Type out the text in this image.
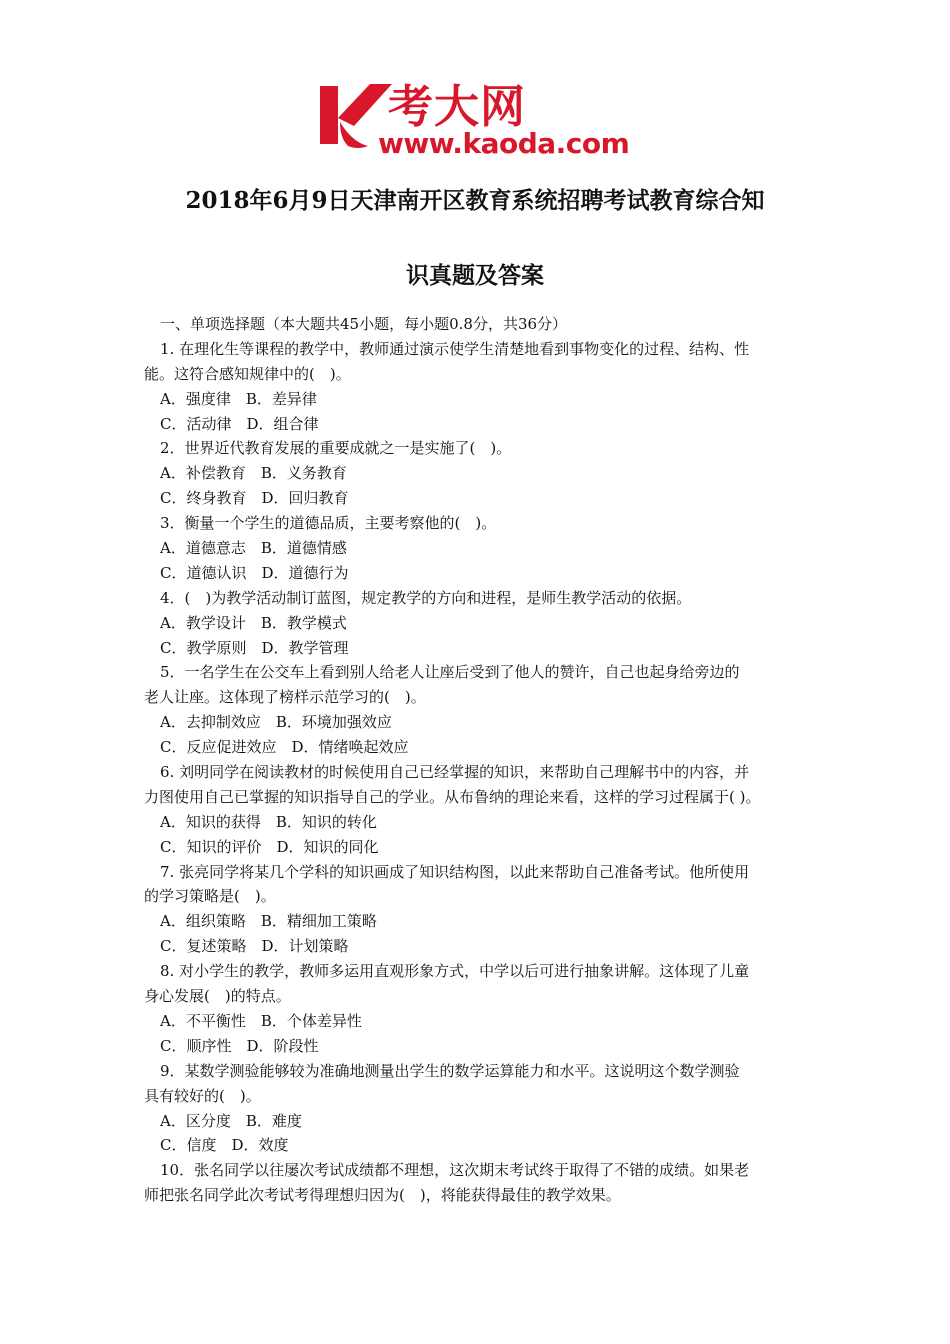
考大网
www.kaoda.com
2018年6月9日天津南开区教育系统招聘考试教育综合知
识真题及答案
一、单项选择题（本大题共45小题，每小题0.8分，共36分）
1. 在理化生等课程的教学中，教师通过演示使学生清楚地看到事物变化的过程、结构、性
能。这符合感知规律中的(　)。
A．强度律　B．差异律
C．活动律　D．组合律
2．世界近代教育发展的重要成就之一是实施了(　)。
A．补偿教育　B．义务教育
C．终身教育　D．回归教育
3．衡量一个学生的道德品质，主要考察他的(　)。
A．道德意志　B．道德情感
C．道德认识　D．道德行为
4．(　)为教学活动制订蓝图，规定教学的方向和进程，是师生教学活动的依据。
A．教学设计　B．教学模式
C．教学原则　D．教学管理
5．一名学生在公交车上看到别人给老人让座后受到了他人的赞许，自己也起身给旁边的
老人让座。这体现了榜样示范学习的(　)。
A．去抑制效应　B．环境加强效应
C．反应促进效应　D．情绪唤起效应
6. 刘明同学在阅读教材的时候使用自己已经掌握的知识，来帮助自己理解书中的内容，并
力图使用自己已掌握的知识指导自己的学业。从布鲁纳的理论来看，这样的学习过程属于( )。
A．知识的获得　B．知识的转化
C．知识的评价　D．知识的同化
7. 张亮同学将某几个学科的知识画成了知识结构图，以此来帮助自己准备考试。他所使用
的学习策略是(　)。
A．组织策略　B．精细加工策略
C．复述策略　D．计划策略
8. 对小学生的教学，教师多运用直观形象方式，中学以后可进行抽象讲解。这体现了儿童
身心发展(　)的特点。
A．不平衡性　B．个体差异性
C．顺序性　D．阶段性
9．某数学测验能够较为准确地测量出学生的数学运算能力和水平。这说明这个数学测验
具有较好的(　)。
A．区分度　B．难度
C．信度　D．效度
10．张名同学以往屡次考试成绩都不理想，这次期末考试终于取得了不错的成绩。如果老
师把张名同学此次考试考得理想归因为(　)，将能获得最佳的教学效果。
